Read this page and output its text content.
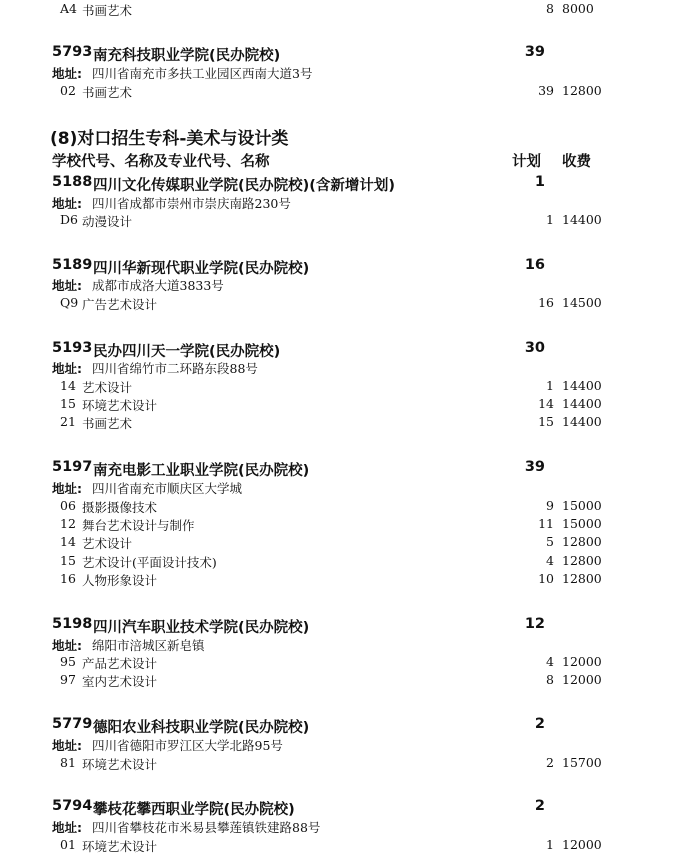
A4 书画艺术	8 8000
5793 南充科技职业学院(民办院校)	39
地址: 四川省南充市多扶工业园区西南大道3号
02 书画艺术	39 12800
(8)对口招生专科-美术与设计类
学校代号、名称及专业代号、名称	计划 收费
5188 四川文化传媒职业学院(民办院校)(含新增计划)	1
地址: 四川省成都市崇州市崇庆南路230号
D6 动漫设计	1 14400
5189 四川华新现代职业学院(民办院校)	16
地址: 成都市成洛大道3833号
Q9 广告艺术设计	16 14500
5193 民办四川天一学院(民办院校)	30
地址: 四川省绵竹市二环路东段88号
14 艺术设计	1 14400
15 环境艺术设计	14 14400
21 书画艺术	15 14400
5197 南充电影工业职业学院(民办院校)	39
地址: 四川省南充市顺庆区大学城
06 摄影摄像技术	9 15000
12 舞台艺术设计与制作	11 15000
14 艺术设计	5 12800
15 艺术设计(平面设计技术)	4 12800
16 人物形象设计	10 12800
5198 四川汽车职业技术学院(民办院校)	12
地址: 绵阳市涪城区新皂镇
95 产品艺术设计	4 12000
97 室内艺术设计	8 12000
5779 德阳农业科技职业学院(民办院校)	2
地址: 四川省德阳市罗江区大学北路95号
81 环境艺术设计	2 15700
5794 攀枝花攀西职业学院(民办院校)	2
地址: 四川省攀枝花市米易县攀莲镇铁建路88号
01 环境艺术设计	1 12000
